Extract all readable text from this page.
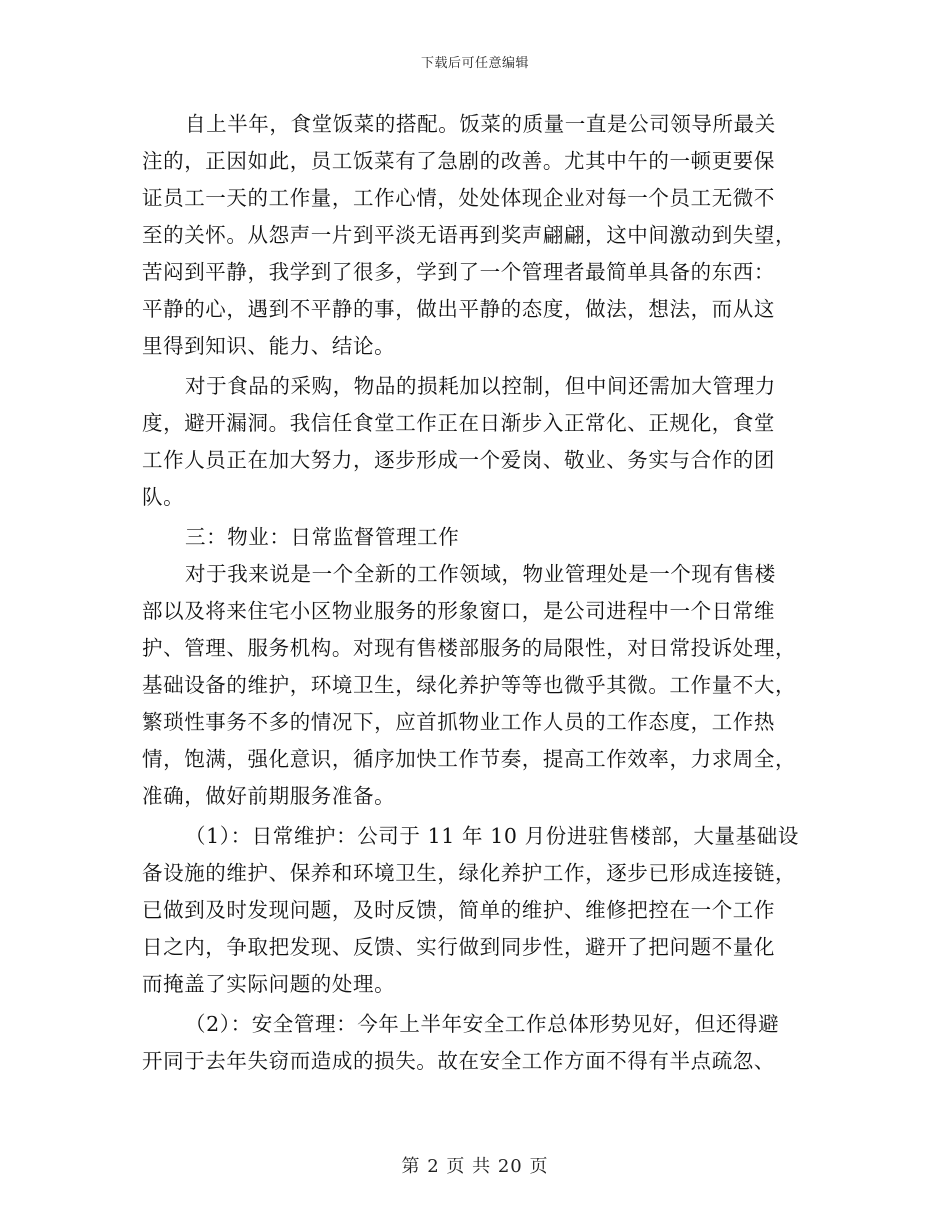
下载后可任意编辑
自上半年，食堂饭菜的搭配。饭菜的质量一直是公司领导所最关
注的，正因如此，员工饭菜有了急剧的改善。尤其中午的一顿更要保
证员工一天的工作量，工作心情，处处体现企业对每一个员工无微不
至的关怀。从怨声一片到平淡无语再到奖声翩翩，这中间激动到失望，
苦闷到平静，我学到了很多，学到了一个管理者最简单具备的东西：
平静的心，遇到不平静的事，做出平静的态度，做法，想法，而从这
里得到知识、能力、结论。
对于食品的采购，物品的损耗加以控制，但中间还需加大管理力
度，避开漏洞。我信任食堂工作正在日渐步入正常化、正规化，食堂
工作人员正在加大努力，逐步形成一个爱岗、敬业、务实与合作的团
队。
三：物业：日常监督管理工作
对于我来说是一个全新的工作领域，物业管理处是一个现有售楼
部以及将来住宅小区物业服务的形象窗口，是公司进程中一个日常维
护、管理、服务机构。对现有售楼部服务的局限性，对日常投诉处理，
基础设备的维护，环境卫生，绿化养护等等也微乎其微。工作量不大，
繁琐性事务不多的情况下，应首抓物业工作人员的工作态度，工作热
情，饱满，强化意识，循序加快工作节奏，提高工作效率，力求周全，
准确，做好前期服务准备。
（1）：日常维护：公司于 11 年 10 月份进驻售楼部，大量基础设
备设施的维护、保养和环境卫生，绿化养护工作，逐步已形成连接链，
已做到及时发现问题，及时反馈，简单的维护、维修把控在一个工作
日之内，争取把发现、反馈、实行做到同步性，避开了把问题不量化
而掩盖了实际问题的处理。
（2）：安全管理：今年上半年安全工作总体形势见好，但还得避
开同于去年失窃而造成的损失。故在安全工作方面不得有半点疏忽、
第 2 页 共 20 页
